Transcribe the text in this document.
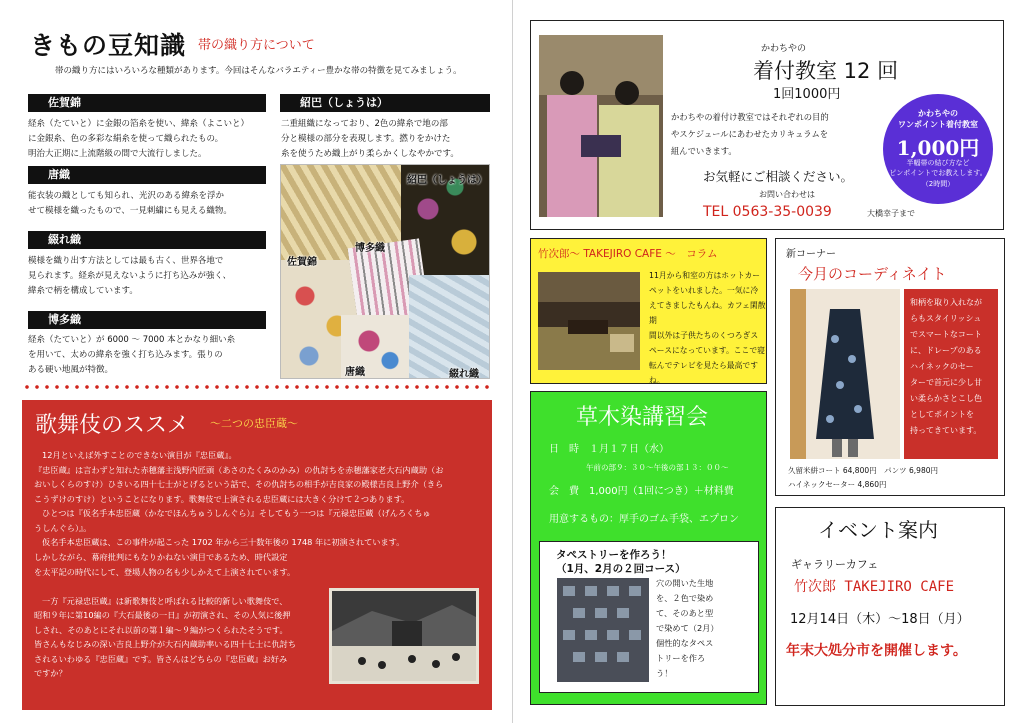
きもの豆知識 帯の織り方について
帯の織り方にはいろいろな種類があります。今回はそんなバラエティー豊かな帯の特徴を見てみましょう。
佐賀錦
経糸（たていと）に金銀の箔糸を使い、緯糸（よこいと）
に金銀糸、色の多彩な絹糸を使って織られたもの。
明治大正期に上流階級の間で大流行しました。
唐織
能衣装の織としても知られ、光沢のある緯糸を浮か
せて模様を織ったもので、一見刺繍にも見える織物。
綴れ織
模様を織り出す方法としては最も古く、世界各地で
見られます。経糸が見えないように打ち込みが強く、
緯糸で柄を構成しています。
博多織
経糸（たていと）が 6000 ～ 7000 本とかなり細い糸
を用いて、太めの緯糸を強く打ち込みます。張りの
ある硬い地風が特徴。
紹巴（しょうは）
二重組織になっており、2色の緯糸で地の部
分と模様の部分を表現します。撚りをかけた
糸を使うため織上がり柔らかくしなやかです。
紹巴（しょうは）
博多織
佐賀錦
唐織	綴れ織
歌舞伎のススメ ～二つの忠臣蔵～
12月といえば外すことのできない演目が『忠臣蔵』。
『忠臣蔵』は言わずと知れた赤穂藩主浅野内匠頭（あさのたくみのかみ）の仇討ちを赤穂藩家老大石内蔵助（お
おいしくらのすけ）ひきいる四十七士がとげるという話で、その仇討ちの相手が吉良家の殿様吉良上野介（きら
こうずけのすけ）ということになります。歌舞伎で上演される忠臣蔵には大きく分けて２つあります。
ひとつは『仮名手本忠臣蔵（かなでほんちゅうしんぐら）』そしてもう一つは『元禄忠臣蔵（げんろくちゅ
うしんぐら）』。
仮名手本忠臣蔵は、この事件が起こった 1702 年から三十数年後の 1748 年に初演されています。
しかしながら、幕府批判にもなりかねない演目であるため、時代設定
を太平記の時代にして、登場人物の名も少しかえて上演されています。
一方『元禄忠臣蔵』は新歌舞伎と呼ばれる比較的新しい歌舞伎で、
昭和９年に第10編の『大石最後の一日』が初演され、その人気に後押
しされ、そのあとにそれ以前の第１編～９編がつくられたそうです。
皆さんもなじみの深い吉良上野介が大石内蔵助率いる四十七士に仇討ち
されるいわゆる『忠臣蔵』です。皆さんはどちらの『忠臣蔵』お好み
ですか？
かわちやの
着付教室 12 回
1回1000円
かわちやの着付け教室ではそれぞれの目的
やスケジュールにあわせたカリキュラムを
組んでいきます。
お気軽にご相談ください。
お問い合わせは
TEL 0563-35-0039	大橋幸子まで
かわちやの
ワンポイント着付教室
1,000円
半幅帯の結び方など
ピンポイントでお教えします。
（2時間）
竹次郎～ TAKEJIRO CAFE ～　コラム
11月から和室の方はホットカー
ペットをいれました。一気に冷
えてきましたもんね。カフェ閑散期
間以外は子供たちのくつろぎス
ペースになっています。ここで寝
転んでテレビを見たら最高ですね。
新コーナー
今月のコーディネイト
和柄を取り入れなが
らもスタイリッシュ
でスマートなコート
に、ドレープのある
ハイネックのセー
ターで首元に少し甘
い柔らかさとこし色
としてポイントを
持ってきています。
久留米絣コート 64,800円　パンツ 6,980円
ハイネックセーター 4,860円
草木染講習会
日　時　１月１７日（水）
午前の部９：３０～午後の部１３：００～
会　費　1,000円（1回につき）＋材料費
用意するもの：厚手のゴム手袋、エプロン
タペストリーを作ろう！
（1月、2月の２回コース）
穴の開いた生地
を、２色で染め
て、そのあと型
で染めて（2月）
個性的なタペス
トリーを作ろ
う！
イベント案内
ギャラリーカフェ
竹次郎 TAKEJIRO CAFE
12月14日（木）～18日（月）
年末大処分市を開催します。
